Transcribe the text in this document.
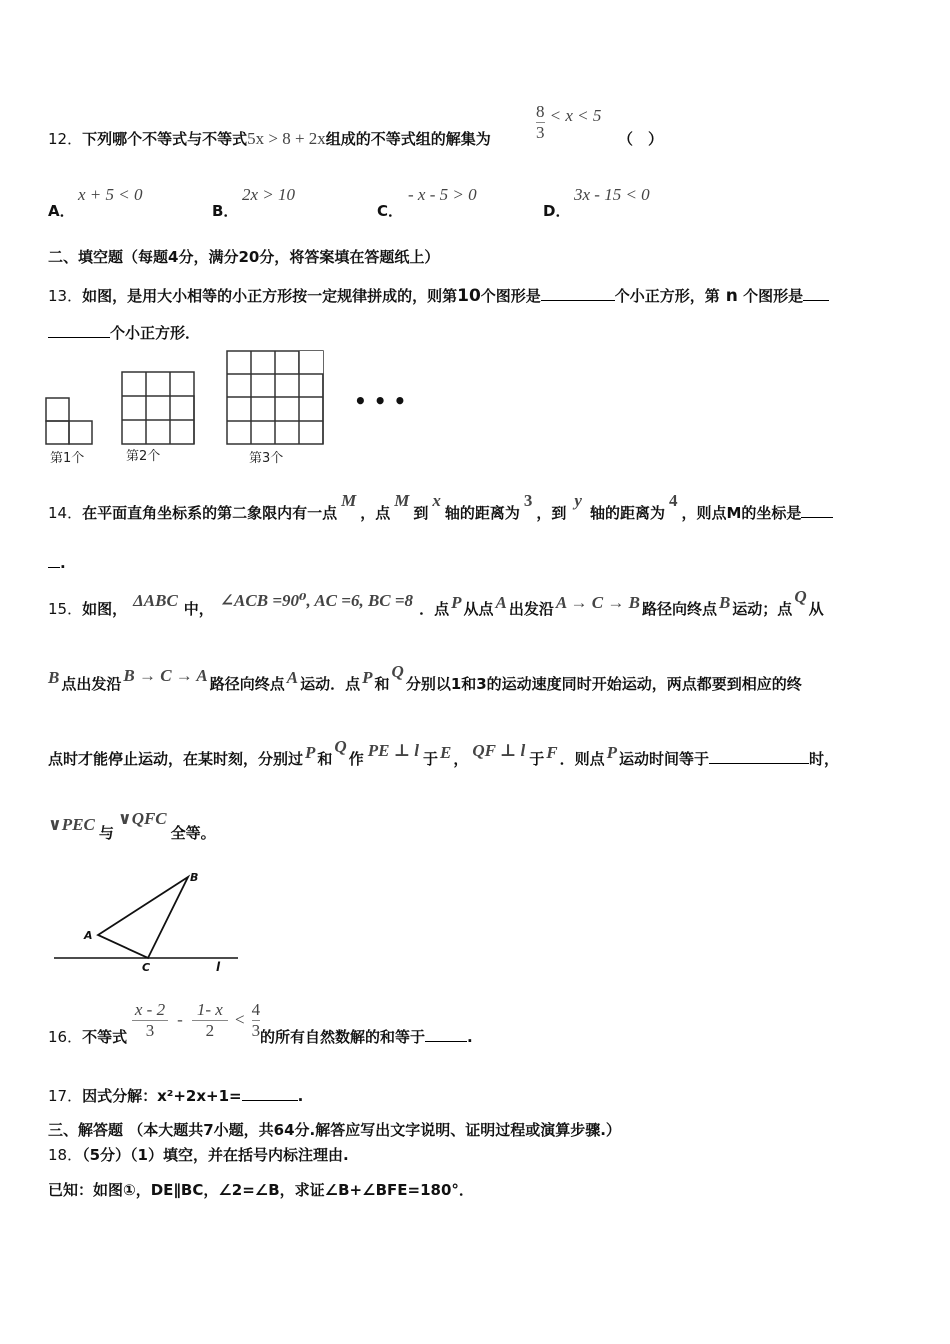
12．下列哪个不等式与不等式5x > 8 + 2x组成的不等式组的解集为	$\frac{8}{3} < x < 5$
（　）
A．
x + 5 < 0
B．
2x > 10
C．
- x - 5 > 0
D．
3x - 15 < 0
二、填空题（每题4分，满分20分，将答案填在答题纸上）
13．如图，是用大小相等的小正方形按一定规律拼成的，则第10个图形是	个小正方形，第 n 个图形是
个小正方形．
第1个	第2个	第3个
• • •
14．在平面直角坐标系的第二象限内有一点M，点M到x轴的距离为3，到y轴的距离为4，则点M的坐标是
.
15．如图， ΔABC 中， ∠ACB =90⁰, AC =6, BC =8 ．点 P 从点 A 出发沿 A → C → B 路径向终点 B 运动；点Q从
B 点出发沿 B → C → A 路径向终点 A 运动．点 P 和Q分别以1和3的运动速度同时开始运动，两点都要到相应的终
点时才能停止运动，在某时刻，分别过 P 和Q作 PE ⊥ l 于 E ， QF ⊥ l 于 F ．则点 P 运动时间等于	时，
∨PEC 与∨QFC全等。
B
A
C	l
16．不等式 $\frac{x - 2}{3} - \frac{1- x}{2} < \frac{4}{3}$ 的所有自然数解的和等于	.
17．因式分解：x²+2x+1=	.
三、解答题 （本大题共7小题，共64分.解答应写出文字说明、证明过程或演算步骤.）
18．（5分）（1）填空，并在括号内标注理由.
已知：如图①，DE∥BC，∠2=∠B，求证∠B+∠BFE=180°．
